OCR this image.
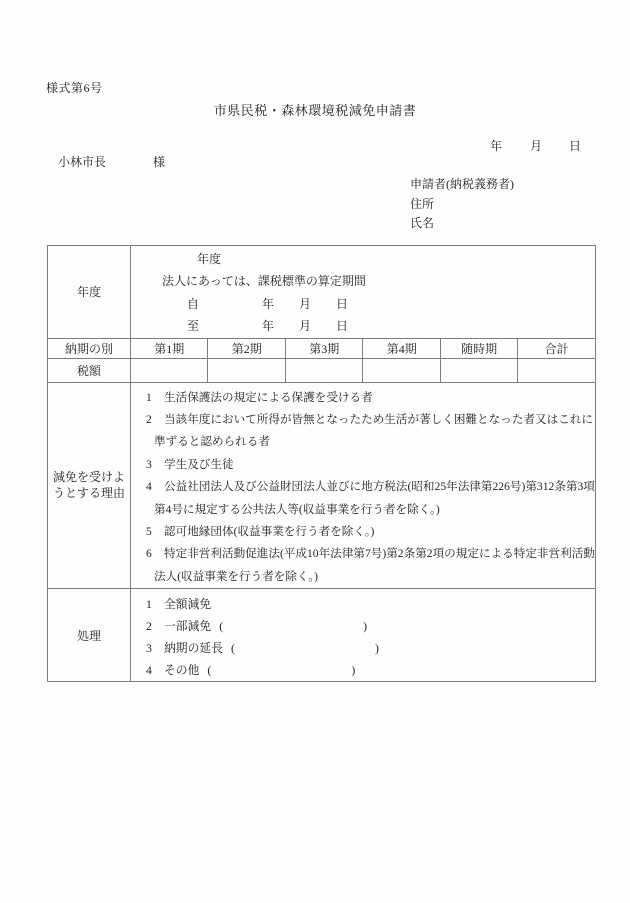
様式第6号
市県民税・森林環境税減免申請書
年 月 日
小林市長	様
申請者(納税義務者)
住所
氏名
年度	年度
法人にあっては、課税標準の算定期間
自 年 月 日
至 年 月 日					

納期の別	第1期	第2期	第3期	第4期	随時期	合計
税額						

減免を受けよ
うとする理由

1 生活保護法の規定による保護を受ける者
2 当該年度において所得が皆無となったため生活が著しく困難となった者又はこれに
準ずると認められる者
3 学生及び生徒
4 公益社団法人及び公益財団法人並びに地方税法(昭和25年法律第226号)第312条第3項
第4号に規定する公共法人等(収益事業を行う者を除く。)
5 認可地縁団体(収益事業を行う者を除く。)
6 特定非営利活動促進法(平成10年法律第7号)第2条第2項の規定による特定非営利活動
法人(収益事業を行う者を除く。)

処理	1 全額減免
2 一部減免 ( )
3 納期の延長 ( )
4 その他 ( )					
